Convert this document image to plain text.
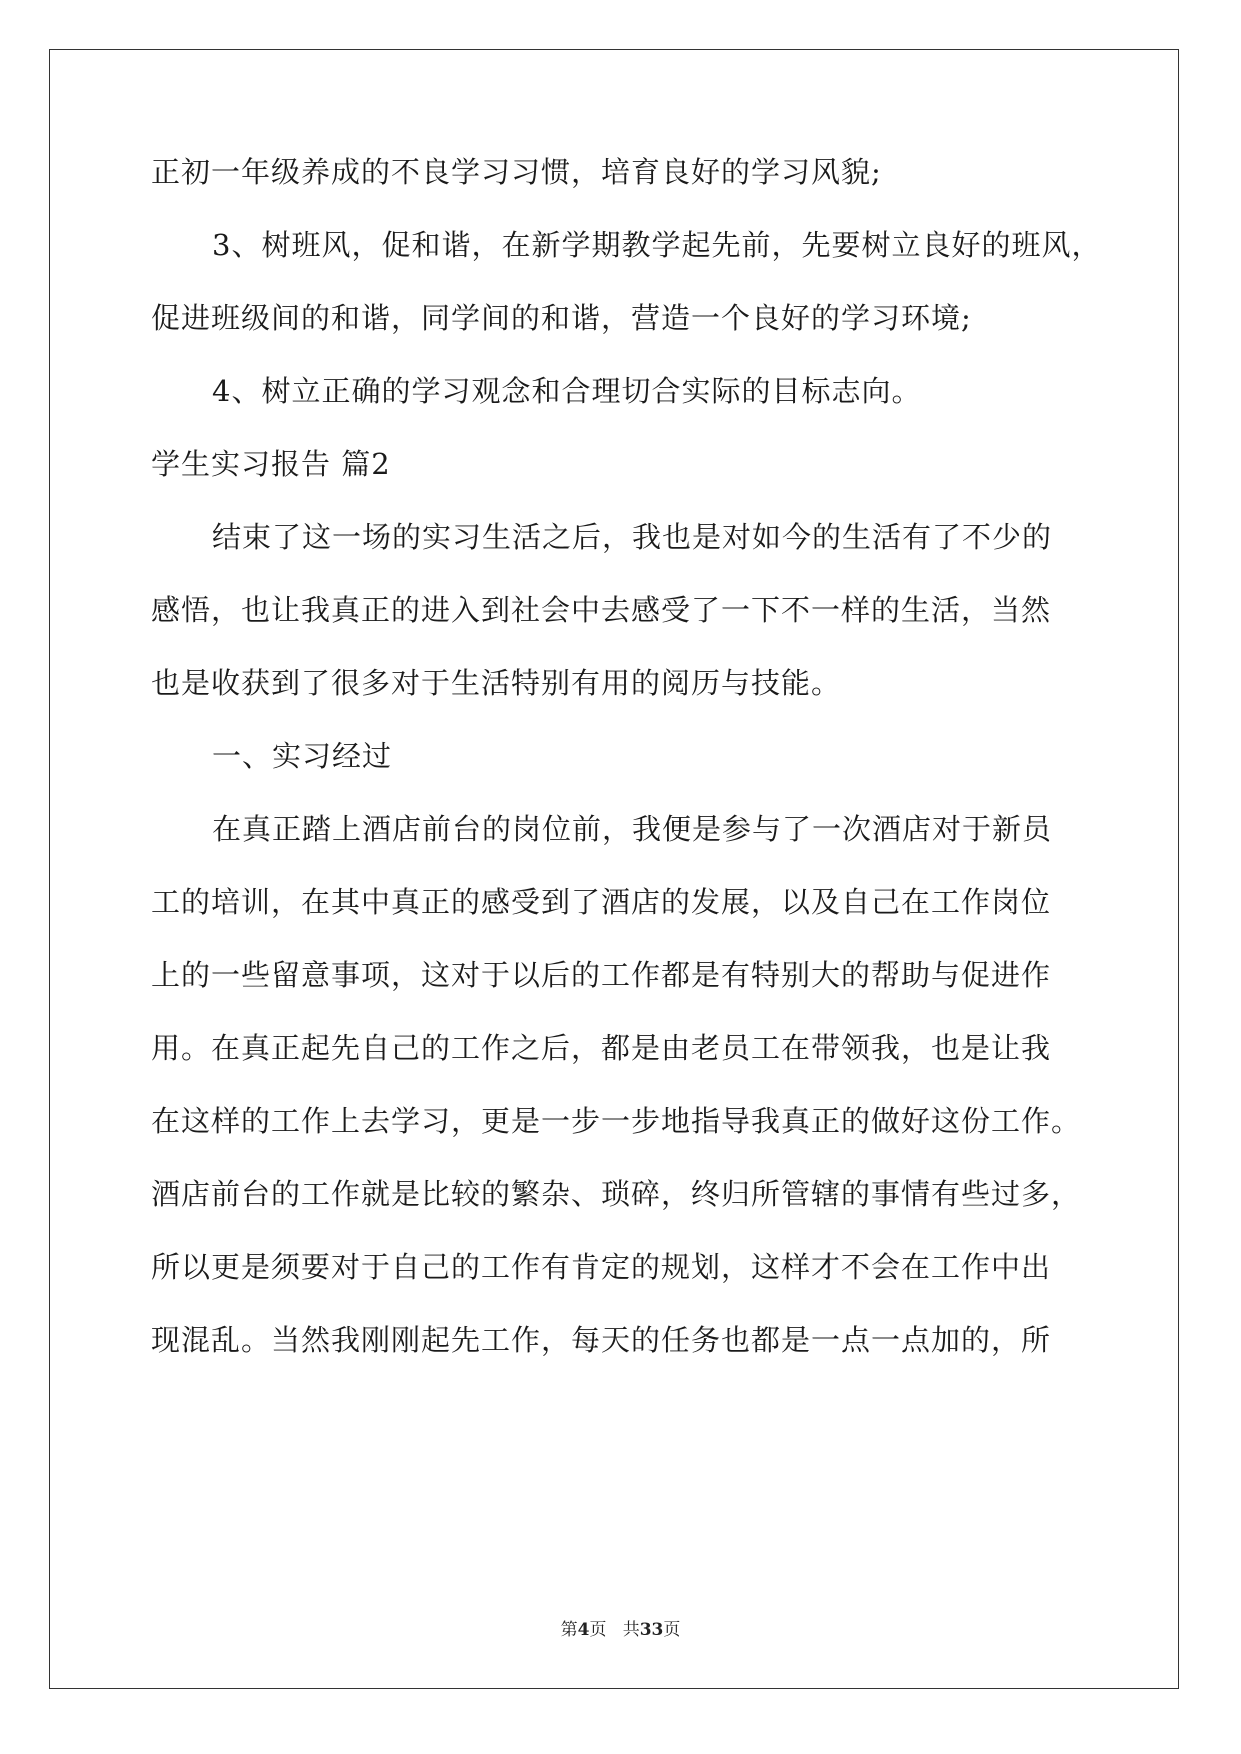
正初一年级养成的不良学习习惯，培育良好的学习风貌;
3、树班风，促和谐，在新学期教学起先前，先要树立良好的班风，
促进班级间的和谐，同学间的和谐，营造一个良好的学习环境;
4、树立正确的学习观念和合理切合实际的目标志向。
学生实习报告 篇2
结束了这一场的实习生活之后，我也是对如今的生活有了不少的
感悟，也让我真正的进入到社会中去感受了一下不一样的生活，当然
也是收获到了很多对于生活特别有用的阅历与技能。
一、实习经过
在真正踏上酒店前台的岗位前，我便是参与了一次酒店对于新员
工的培训，在其中真正的感受到了酒店的发展，以及自己在工作岗位
上的一些留意事项，这对于以后的工作都是有特别大的帮助与促进作
用。在真正起先自己的工作之后，都是由老员工在带领我，也是让我
在这样的工作上去学习，更是一步一步地指导我真正的做好这份工作。
酒店前台的工作就是比较的繁杂、琐碎，终归所管辖的事情有些过多，
所以更是须要对于自己的工作有肯定的规划，这样才不会在工作中出
现混乱。当然我刚刚起先工作，每天的任务也都是一点一点加的，所
第4页 共33页
